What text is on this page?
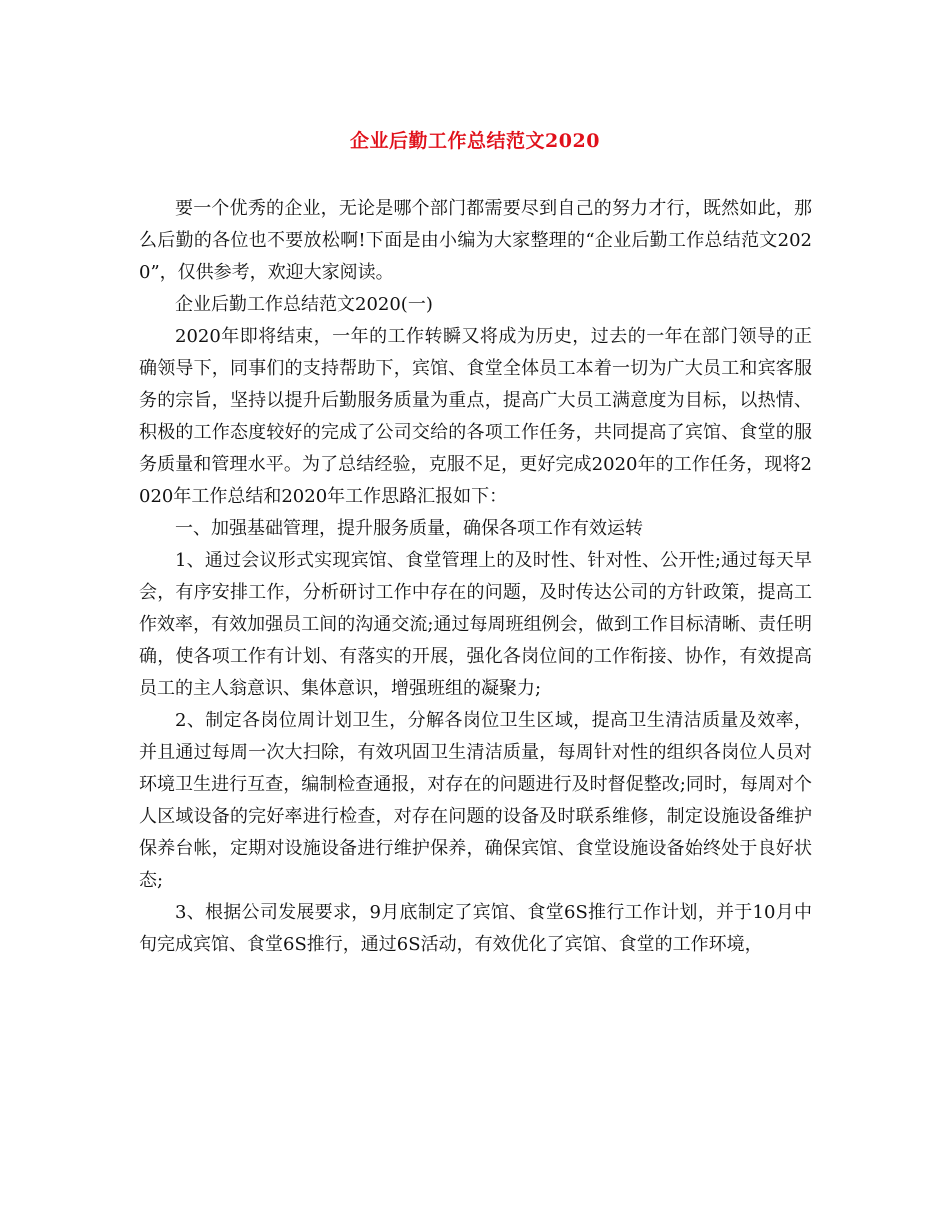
企业后勤工作总结范文2020

要一个优秀的企业，无论是哪个部门都需要尽到自己的努力才行，既然如此，那么后勤的各位也不要放松啊!下面是由小编为大家整理的“企业后勤工作总结范文2020”，仅供参考，欢迎大家阅读。

企业后勤工作总结范文2020(一)

2020年即将结束，一年的工作转瞬又将成为历史，过去的一年在部门领导的正确领导下，同事们的支持帮助下，宾馆、食堂全体员工本着一切为广大员工和宾客服务的宗旨，坚持以提升后勤服务质量为重点，提高广大员工满意度为目标，以热情、积极的工作态度较好的完成了公司交给的各项工作任务，共同提高了宾馆、食堂的服务质量和管理水平。为了总结经验，克服不足，更好完成2020年的工作任务，现将2020年工作总结和2020年工作思路汇报如下：

一、加强基础管理，提升服务质量，确保各项工作有效运转

1、通过会议形式实现宾馆、食堂管理上的及时性、针对性、公开性;通过每天早会，有序安排工作，分析研讨工作中存在的问题，及时传达公司的方针政策，提高工作效率，有效加强员工间的沟通交流;通过每周班组例会，做到工作目标清晰、责任明确，使各项工作有计划、有落实的开展，强化各岗位间的工作衔接、协作，有效提高员工的主人翁意识、集体意识，增强班组的凝聚力;

2、制定各岗位周计划卫生，分解各岗位卫生区域，提高卫生清洁质量及效率，并且通过每周一次大扫除，有效巩固卫生清洁质量，每周针对性的组织各岗位人员对环境卫生进行互查，编制检查通报，对存在的问题进行及时督促整改;同时，每周对个人区域设备的完好率进行检查，对存在问题的设备及时联系维修，制定设施设备维护保养台帐，定期对设施设备进行维护保养，确保宾馆、食堂设施设备始终处于良好状态;

3、根据公司发展要求，9月底制定了宾馆、食堂6S推行工作计划，并于10月中旬完成宾馆、食堂6S推行，通过6S活动，有效优化了宾馆、食堂的工作环境，
